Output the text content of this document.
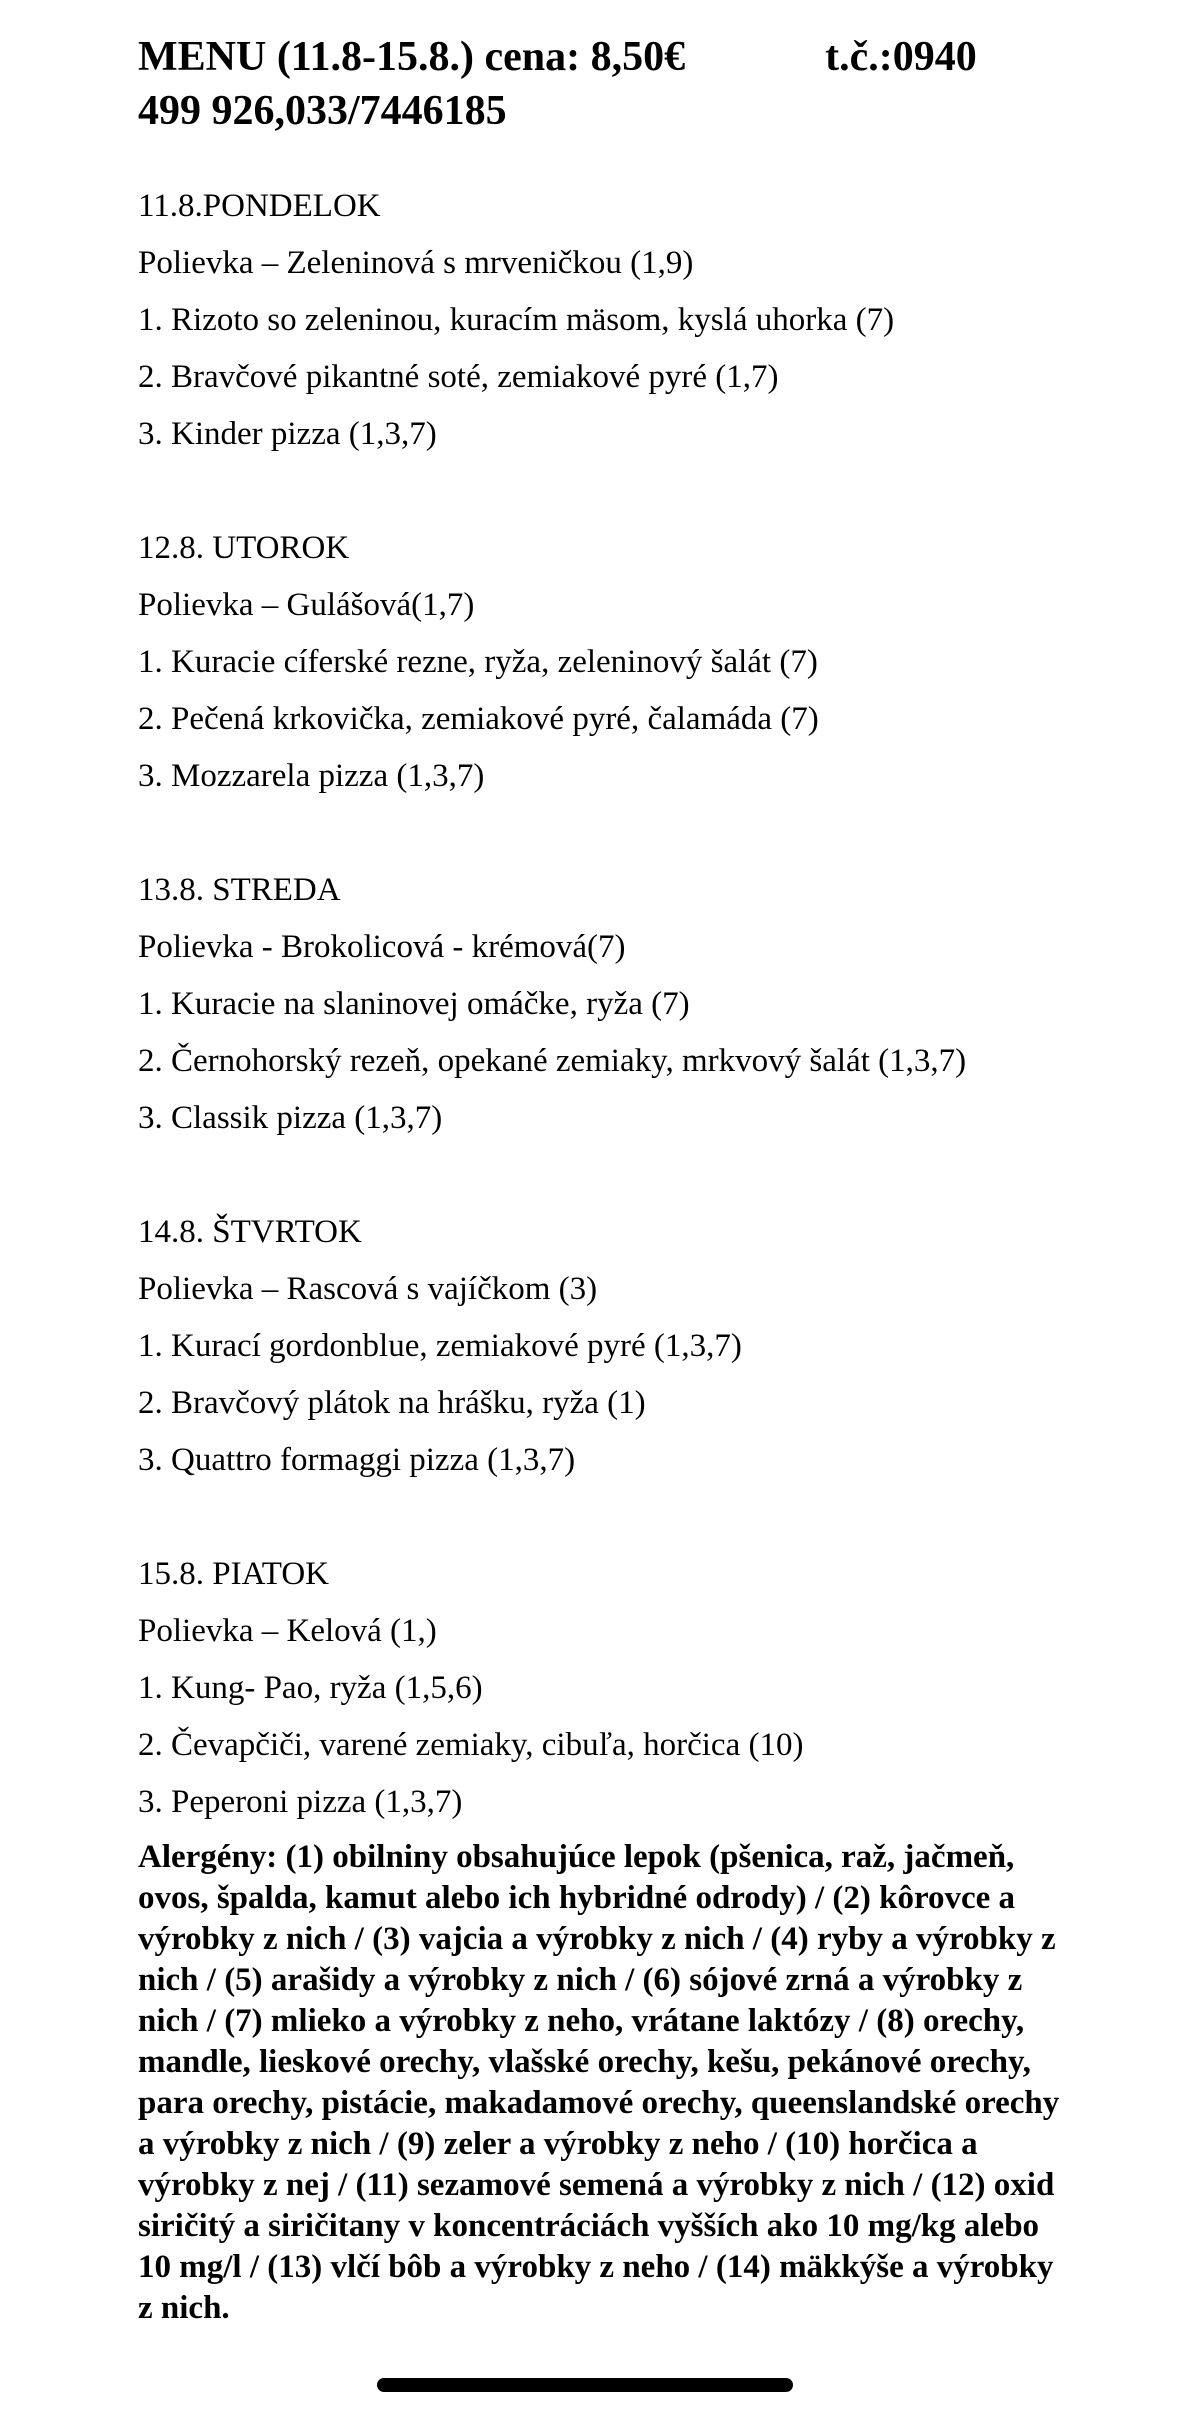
MENU (11.8-15.8.) cena: 8,50€	t.č.:0940
499 926,033/7446185
11.8.PONDELOK
Polievka – Zeleninová s mrveničkou (1,9)
1. Rizoto so zeleninou, kuracím mäsom, kyslá uhorka (7)
2. Bravčové pikantné soté, zemiakové pyré (1,7)
3. Kinder pizza (1,3,7)
12.8. UTOROK
Polievka – Gulášová(1,7)
1. Kuracie cíferské rezne, ryža, zeleninový šalát (7)
2. Pečená krkovička, zemiakové pyré, čalamáda (7)
3. Mozzarela pizza (1,3,7)
13.8. STREDA
Polievka - Brokolicová - krémová(7)
1. Kuracie na slaninovej omáčke, ryža (7)
2. Černohorský rezeň, opekané zemiaky, mrkvový šalát (1,3,7)
3. Classik pizza (1,3,7)
14.8. ŠTVRTOK
Polievka – Rascová s vajíčkom (3)
1. Kurací gordonblue, zemiakové pyré (1,3,7)
2. Bravčový plátok na hrášku, ryža (1)
3. Quattro formaggi pizza (1,3,7)
15.8. PIATOK
Polievka – Kelová (1,)
1. Kung- Pao, ryža (1,5,6)
2. Čevapčiči, varené zemiaky, cibuľa, horčica (10)
3. Peperoni pizza (1,3,7)
Alergény: (1) obilniny obsahujúce lepok (pšenica, raž, jačmeň, ovos, špalda, kamut alebo ich hybridné odrody) / (2) kôrovce a výrobky z nich / (3) vajcia a výrobky z nich / (4) ryby a výrobky z nich / (5) arašidy a výrobky z nich / (6) sójové zrná a výrobky z nich / (7) mlieko a výrobky z neho, vrátane laktózy / (8) orechy, mandle, lieskové orechy, vlašské orechy, kešu, pekánové orechy, para orechy, pistácie, makadamové orechy, queenslandské orechy a výrobky z nich / (9) zeler a výrobky z neho / (10) horčica a výrobky z nej / (11) sezamové semená a výrobky z nich / (12) oxid siričitý a siričitany v koncentráciách vyšších ako 10 mg/kg alebo 10 mg/l / (13) vlčí bôb a výrobky z neho / (14) mäkkýše a výrobky z nich.
